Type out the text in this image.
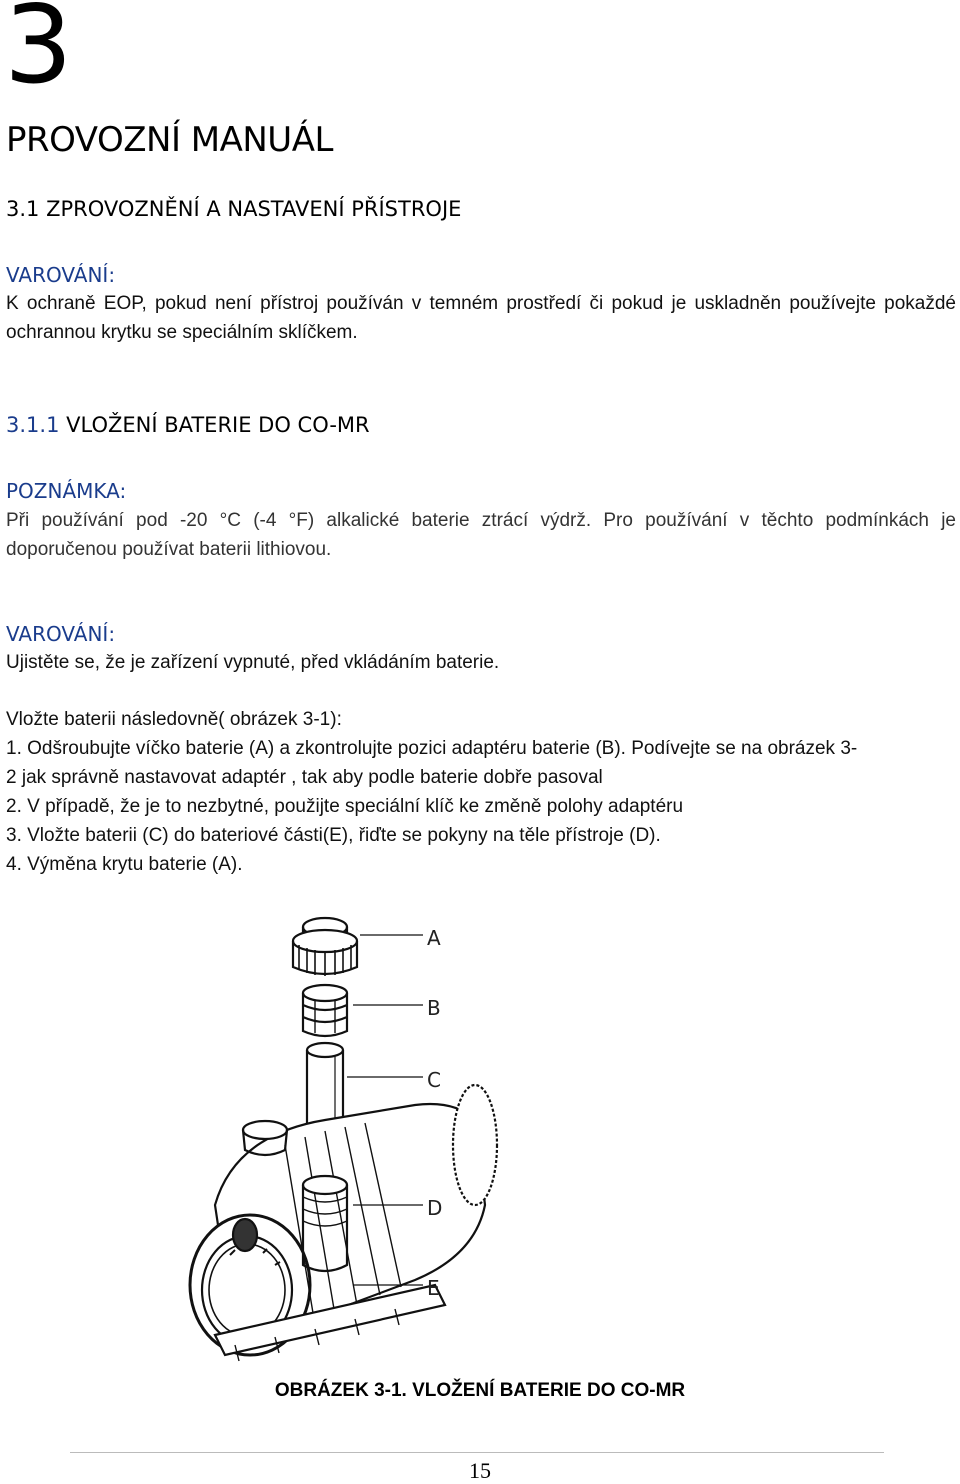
3
PROVOZNÍ MANUÁL
3.1 ZPROVOZNĚNÍ A NASTAVENÍ PŘÍSTROJE
VAROVÁNÍ:
K ochraně EOP, pokud není přístroj používán v temném prostředí či pokud je uskladněn používejte pokaždé ochrannou krytku se speciálním sklíčkem.
3.1.1 VLOŽENÍ BATERIE DO CO-MR
POZNÁMKA:
Při používání pod -20 °C (-4 °F) alkalické baterie ztrácí výdrž. Pro používání v těchto podmínkách je doporučenou používat baterii lithiovou.
VAROVÁNÍ:
Ujistěte se, že je zařízení vypnuté, před vkládáním baterie.

Vložte baterii následovně( obrázek 3-1):

1. Odšroubujte víčko baterie (A) a zkontrolujte pozici adaptéru baterie (B). Podívejte se na obrázek 3-

2 jak správně nastavovat adaptér , tak aby podle baterie dobře pasoval

2. V případě, že je to nezbytné, použijte speciální klíč ke změně polohy adaptéru

3. Vložte baterii (C) do bateriové části(E), řiďte se pokyny na těle přístroje (D).

4. Výměna krytu baterie (A).

A
B
C
D
E
OBRÁZEK 3-1. VLOŽENÍ BATERIE DO CO-MR
15
